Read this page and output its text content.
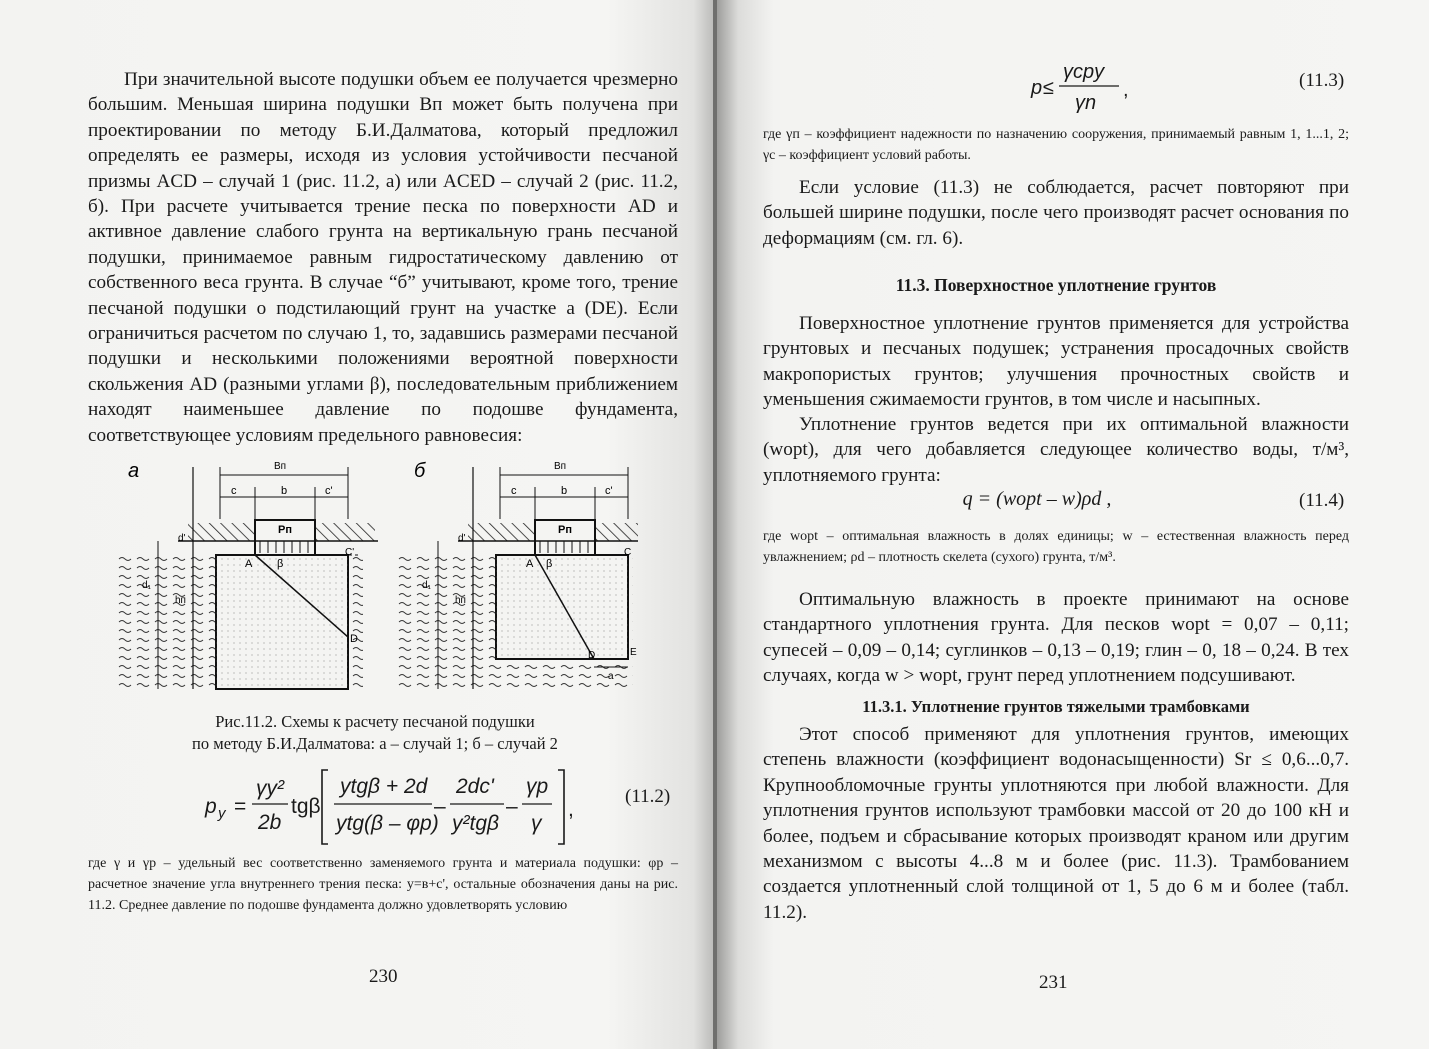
При значительной высоте подушки объем ее получается чрезмерно большим. Меньшая ширина подушки Вп может быть получена при проектировании по методу Б.И.Далматова, который предложил определять ее размеры, исходя из условия устойчивости песчаной призмы ACD – случай 1 (рис. 11.2, а) или ACED – случай 2 (рис. 11.2, б). При расчете учитывается трение песка по поверхности AD и активное давление слабого грунта на вертикальную грань песчаной подушки, принимаемое равным гидростатическому давлению от собственного веса грунта. В случае “б” учитывают, кроме того, трение песчаной подушки о подстилающий грунт на участке а (DE). Если ограничиться расчетом по случаю 1, то, задавшись размерами песчаной подушки и несколькими положениями вероятной поверхности скольжения AD (разными углами β), последовательным приближением находят наименьшее давление по подошве фундамента, соответствующее условиям предельного равновесия:

а	Bп
c	b	c'
Pп
A β
C'
D
d'
d₁
hп
б	Bп
c	b	c'
Pп
A β
C
D	E
a
d'
d₁
hп

Рис.11.2. Схемы к расчету песчаной подушки

по методу Б.И.Далматова: а – случай 1; б – случай 2

p y =
γy²
2b
tgβ
ytgβ + 2d
ytg(β – φp)
–
2dc'
y²tgβ
–
γp
γ
,
(11.2)

где γ и γр – удельный вес соответственно заменяемого грунта и материала подушки: φр – расчетное значение угла внутреннего трения песка: y=в+с', остальные обозначения даны на рис. 11.2. Среднее давление по подошве фундамента должно удовлетворять условию

230
p ≤
γcpy
γn
,	(11.3)

где γп – коэффициент надежности по назначению сооружения, принимаемый равным 1, 1...1, 2; γс – коэффициент условий работы.

Если условие (11.3) не соблюдается, расчет повторяют при большей ширине подушки, после чего производят расчет основания по деформациям (см. гл. 6).

11.3. Поверхностное уплотнение грунтов

Поверхностное уплотнение грунтов применяется для устройства грунтовых и песчаных подушек; устранения просадочных свойств макропористых грунтов; улучшения прочностных свойств и уменьшения сжимаемости грунтов, в том числе и насыпных.

Уплотнение грунтов ведется при их оптимальной влажности (wopt), для чего добавляется следующее количество воды, т/м³, уплотняемого грунта:

q = (wopt – w)ρd ,	(11.4)

где wopt – оптимальная влажность в долях единицы; w – естественная влажность перед увлажнением; ρd – плотность скелета (сухого) грунта, т/м³.

Оптимальную влажность в проекте принимают на основе стандартного уплотнения грунта. Для песков wopt = 0,07 – 0,11; супесей – 0,09 – 0,14; суглинков – 0,13 – 0,19; глин – 0, 18 – 0,24. В тех случаях, когда w > wopt, грунт перед уплотнением подсушивают.

11.3.1. Уплотнение грунтов тяжелыми трамбовками

Этот способ применяют для уплотнения грунтов, имеющих степень влажности (коэффициент водонасыщенности) Sr ≤ 0,6...0,7. Крупнообломочные грунты уплотняются при любой влажности. Для уплотнения грунтов используют трамбовки массой от 20 до 100 кН и более, подъем и сбрасывание которых производят краном или другим механизмом с высоты 4...8 м и более (рис. 11.3). Трамбованием создается уплотненный слой толщиной от 1, 5 до 6 м и более (табл. 11.2).

231
